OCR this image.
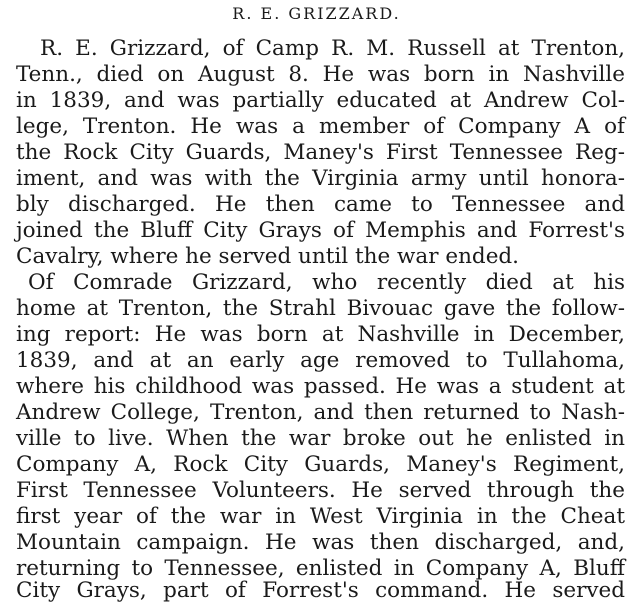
R. E. GRIZZARD.
R. E. Grizzard, of Camp R. M. Russell at Trenton,
Tenn., died on August 8. He was born in Nashville
in 1839, and was partially educated at Andrew Col-
lege, Trenton. He was a member of Company A of
the Rock City Guards, Maney's First Tennessee Reg-
iment, and was with the Virginia army until honora-
bly discharged. He then came to Tennessee and
joined the Bluff City Grays of Memphis and Forrest's
Cavalry, where he served until the war ended.
Of Comrade Grizzard, who recently died at his
home at Trenton, the Strahl Bivouac gave the follow-
ing report: He was born at Nashville in December,
1839, and at an early age removed to Tullahoma,
where his childhood was passed. He was a student at
Andrew College, Trenton, and then returned to Nash-
ville to live. When the war broke out he enlisted in
Company A, Rock City Guards, Maney's Regiment,
First Tennessee Volunteers. He served through the
first year of the war in West Virginia in the Cheat
Mountain campaign. He was then discharged, and,
returning to Tennessee, enlisted in Company A, Bluff
City Grays, part of Forrest's command. He served
